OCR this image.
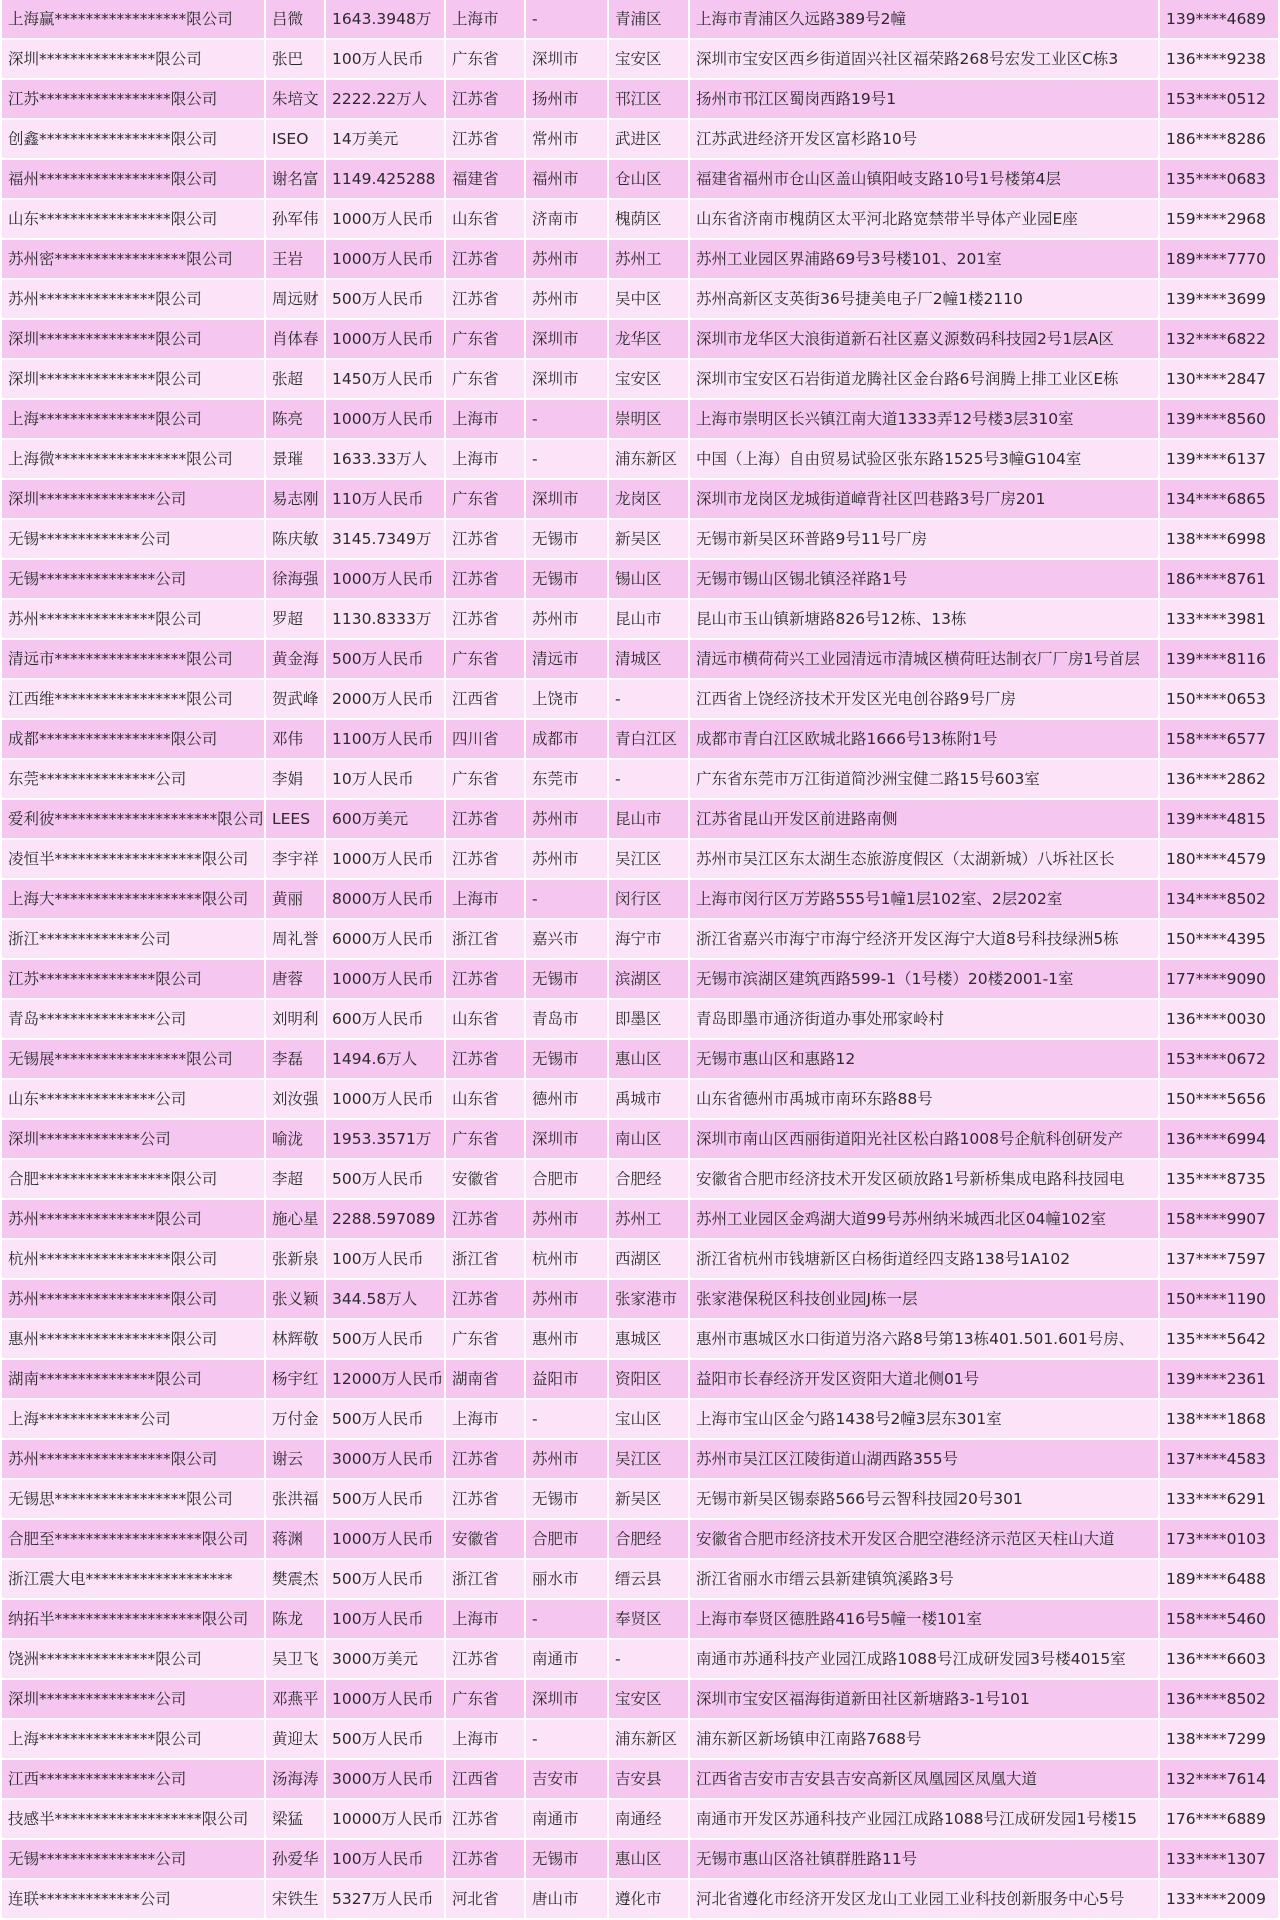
上海赢*****************限公司	吕微	1643.3948万	上海市	-	青浦区	上海市青浦区久远路389号2幢	139****4689
深圳***************限公司	张巴	100万人民币	广东省	深圳市	宝安区	深圳市宝安区西乡街道固兴社区福荣路268号宏发工业区C栋3	136****9238
江苏*****************限公司	朱培文	2222.22万人	江苏省	扬州市	邗江区	扬州市邗江区蜀岗西路19号1	153****0512
创鑫*****************限公司	ISEO	14万美元	江苏省	常州市	武进区	江苏武进经济开发区富杉路10号	186****8286
福州*****************限公司	谢名富	1149.425288	福建省	福州市	仓山区	福建省福州市仓山区盖山镇阳岐支路10号1号楼第4层	135****0683
山东*****************限公司	孙军伟	1000万人民币	山东省	济南市	槐荫区	山东省济南市槐荫区太平河北路宽禁带半导体产业园E座	159****2968
苏州密*****************限公司	王岩	1000万人民币	江苏省	苏州市	苏州工	苏州工业园区界浦路69号3号楼101、201室	189****7770
苏州***************限公司	周远财	500万人民币	江苏省	苏州市	吴中区	苏州高新区支英街36号捷美电子厂2幢1楼2110	139****3699
深圳***************限公司	肖体春	1000万人民币	广东省	深圳市	龙华区	深圳市龙华区大浪街道新石社区嘉义源数码科技园2号1层A区	132****6822
深圳***************限公司	张超	1450万人民币	广东省	深圳市	宝安区	深圳市宝安区石岩街道龙腾社区金台路6号润腾上排工业区E栋	130****2847
上海***************限公司	陈亮	1000万人民币	上海市	-	崇明区	上海市崇明区长兴镇江南大道1333弄12号楼3层310室	139****8560
上海微*****************限公司	景璀	1633.33万人	上海市	-	浦东新区	中国（上海）自由贸易试验区张东路1525号3幢G104室	139****6137
深圳***************公司	易志刚	110万人民币	广东省	深圳市	龙岗区	深圳市龙岗区龙城街道嶂背社区凹巷路3号厂房201	134****6865
无锡*************公司	陈庆敏	3145.7349万	江苏省	无锡市	新吴区	无锡市新吴区环普路9号11号厂房	138****6998
无锡***************公司	徐海强	1000万人民币	江苏省	无锡市	锡山区	无锡市锡山区锡北镇泾祥路1号	186****8761
苏州***************限公司	罗超	1130.8333万	江苏省	苏州市	昆山市	昆山市玉山镇新塘路826号12栋、13栋	133****3981
清远市*****************限公司	黄金海	500万人民币	广东省	清远市	清城区	清远市横荷荷兴工业园清远市清城区横荷旺达制衣厂厂房1号首层	139****8116
江西维*****************限公司	贺武峰	2000万人民币	江西省	上饶市	-	江西省上饶经济技术开发区光电创谷路9号厂房	150****0653
成都*****************限公司	邓伟	1100万人民币	四川省	成都市	青白江区	成都市青白江区欧城北路1666号13栋附1号	158****6577
东莞***************公司	李娟	10万人民币	广东省	东莞市	-	广东省东莞市万江街道简沙洲宝健二路15号603室	136****2862
爱利彼*********************限公司	LEES	600万美元	江苏省	苏州市	昆山市	江苏省昆山开发区前进路南侧	139****4815
凌恒半*******************限公司	李宇祥	1000万人民币	江苏省	苏州市	吴江区	苏州市吴江区东太湖生态旅游度假区（太湖新城）八坼社区长	180****4579
上海大*******************限公司	黄丽	8000万人民币	上海市	-	闵行区	上海市闵行区万芳路555号1幢1层102室、2层202室	134****8502
浙江*************公司	周礼誉	6000万人民币	浙江省	嘉兴市	海宁市	浙江省嘉兴市海宁市海宁经济开发区海宁大道8号科技绿洲5栋	150****4395
江苏***************限公司	唐蓉	1000万人民币	江苏省	无锡市	滨湖区	无锡市滨湖区建筑西路599-1（1号楼）20楼2001-1室	177****9090
青岛***************公司	刘明利	600万人民币	山东省	青岛市	即墨区	青岛即墨市通济街道办事处邢家岭村	136****0030
无锡展*****************限公司	李磊	1494.6万人	江苏省	无锡市	惠山区	无锡市惠山区和惠路12	153****0672
山东***************公司	刘汝强	1000万人民币	山东省	德州市	禹城市	山东省德州市禹城市南环东路88号	150****5656
深圳*************公司	喻泷	1953.3571万	广东省	深圳市	南山区	深圳市南山区西丽街道阳光社区松白路1008号企航科创研发产	136****6994
合肥*****************限公司	李超	500万人民币	安徽省	合肥市	合肥经	安徽省合肥市经济技术开发区硕放路1号新桥集成电路科技园电	135****8735
苏州***************限公司	施心星	2288.597089	江苏省	苏州市	苏州工	苏州工业园区金鸡湖大道99号苏州纳米城西北区04幢102室	158****9907
杭州*****************限公司	张新泉	100万人民币	浙江省	杭州市	西湖区	浙江省杭州市钱塘新区白杨街道经四支路138号1A102	137****7597
苏州*****************限公司	张义颖	344.58万人	江苏省	苏州市	张家港市	张家港保税区科技创业园J栋一层	150****1190
惠州*****************限公司	林辉敬	500万人民币	广东省	惠州市	惠城区	惠州市惠城区水口街道屶洛六路8号第13栋401.501.601号房、	135****5642
湖南***************限公司	杨宇红	12000万人民币	湖南省	益阳市	资阳区	益阳市长春经济开发区资阳大道北侧01号	139****2361
上海*************公司	万付金	500万人民币	上海市	-	宝山区	上海市宝山区金勺路1438号2幢3层东301室	138****1868
苏州*****************限公司	谢云	3000万人民币	江苏省	苏州市	吴江区	苏州市吴江区江陵街道山湖西路355号	137****4583
无锡思*****************限公司	张洪福	500万人民币	江苏省	无锡市	新吴区	无锡市新吴区锡泰路566号云智科技园20号301	133****6291
合肥至*******************限公司	蒋渊	1000万人民币	安徽省	合肥市	合肥经	安徽省合肥市经济技术开发区合肥空港经济示范区天柱山大道	173****0103
浙江震大电*******************	樊震杰	500万人民币	浙江省	丽水市	缙云县	浙江省丽水市缙云县新建镇筑溪路3号	189****6488
纳拓半*******************限公司	陈龙	100万人民币	上海市	-	奉贤区	上海市奉贤区德胜路416号5幢一楼101室	158****5460
饶洲***************限公司	吴卫飞	3000万美元	江苏省	南通市	-	南通市苏通科技产业园江成路1088号江成研发园3号楼4015室	136****6603
深圳***************公司	邓燕平	1000万人民币	广东省	深圳市	宝安区	深圳市宝安区福海街道新田社区新塘路3-1号101	136****8502
上海***************限公司	黄迎太	500万人民币	上海市	-	浦东新区	浦东新区新场镇申江南路7688号	138****7299
江西***************公司	汤海涛	3000万人民币	江西省	吉安市	吉安县	江西省吉安市吉安县吉安高新区凤凰园区凤凰大道	132****7614
技感半*******************限公司	梁猛	10000万人民币	江苏省	南通市	南通经	南通市开发区苏通科技产业园江成路1088号江成研发园1号楼15	176****6889
无锡***************公司	孙爱华	100万人民币	江苏省	无锡市	惠山区	无锡市惠山区洛社镇群胜路11号	133****1307
连联*************公司	宋铁生	5327万人民币	河北省	唐山市	遵化市	河北省遵化市经济开发区龙山工业园工业科技创新服务中心5号	133****2009
